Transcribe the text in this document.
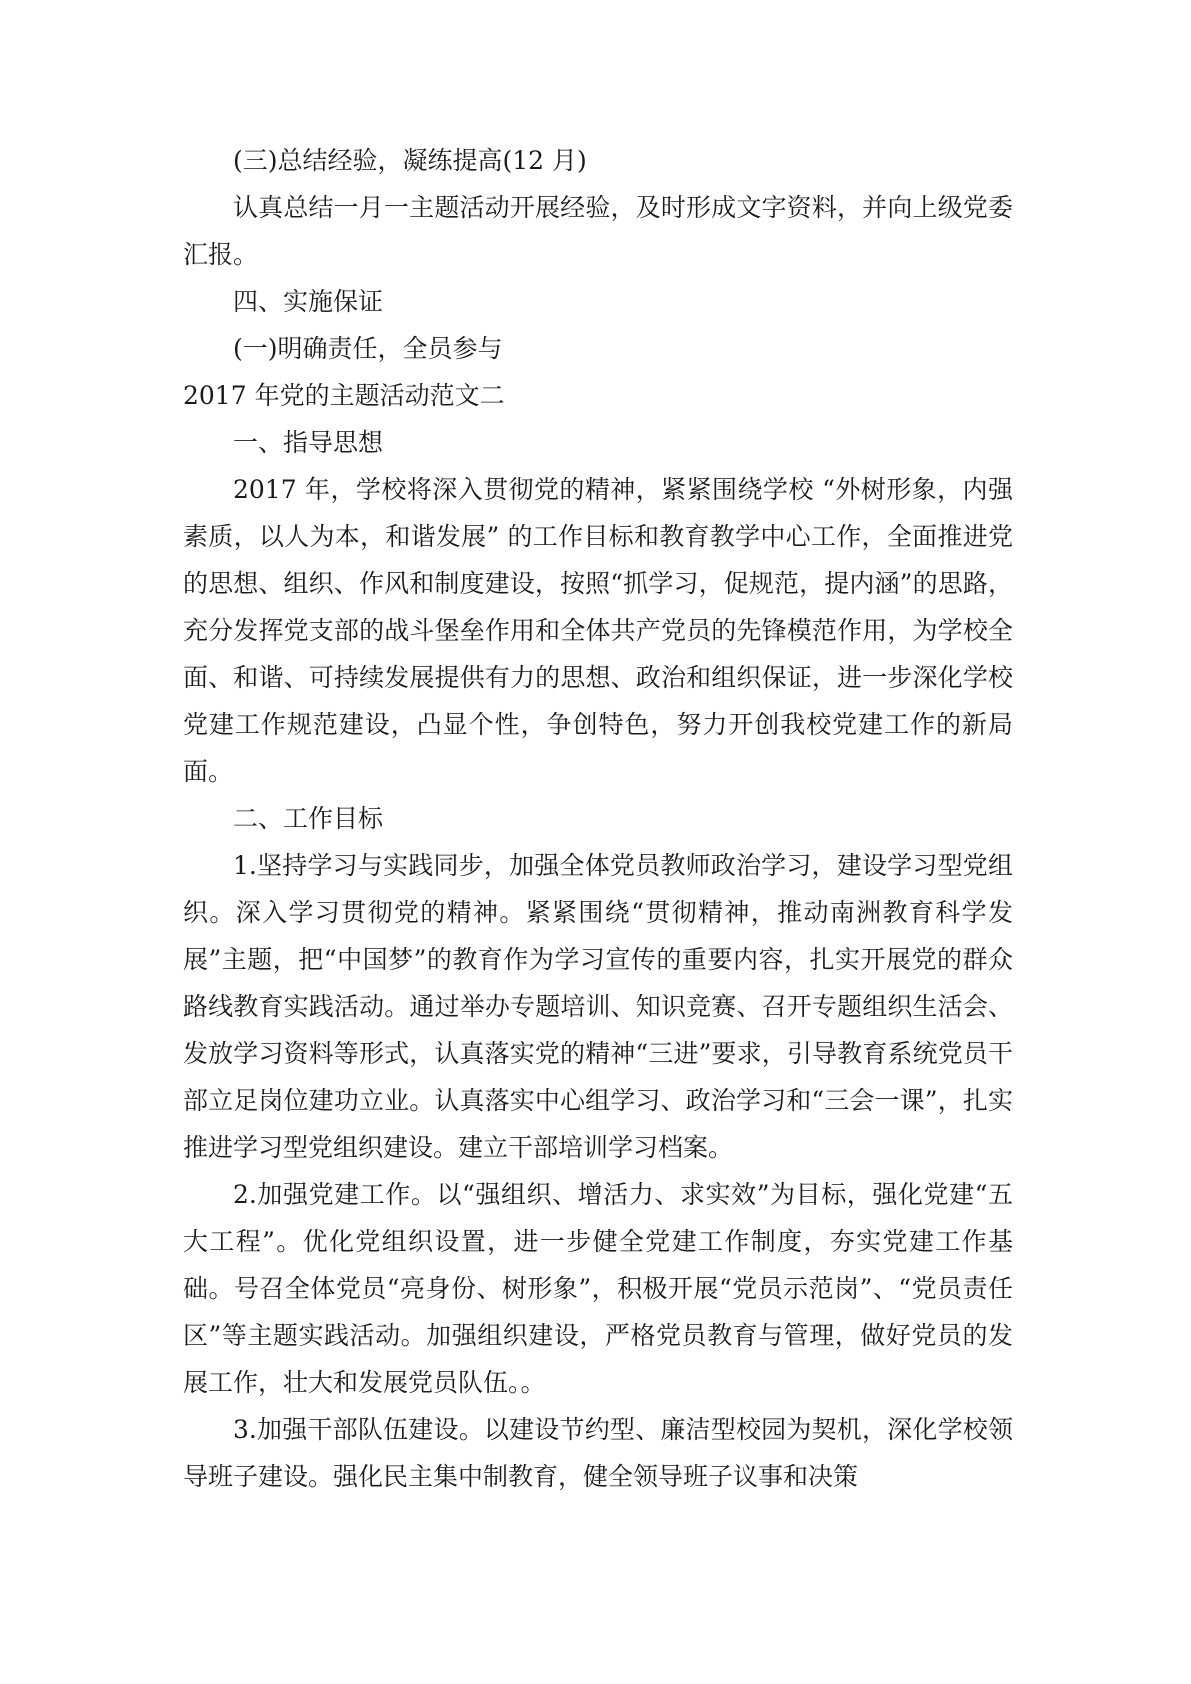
(三)总结经验，凝练提高(12 月)

认真总结一月一主题活动开展经验，及时形成文字资料，并向上级党委汇报。

四、实施保证

(一)明确责任，全员参与

2017 年党的主题活动范文二

一、指导思想

2017 年，学校将深入贯彻党的精神，紧紧围绕学校 “外树形象，内强素质，以人为本，和谐发展” 的工作目标和教育教学中心工作，全面推进党的思想、组织、作风和制度建设，按照“抓学习，促规范，提内涵”的思路，充分发挥党支部的战斗堡垒作用和全体共产党员的先锋模范作用，为学校全面、和谐、可持续发展提供有力的思想、政治和组织保证，进一步深化学校党建工作规范建设，凸显个性，争创特色，努力开创我校党建工作的新局面。

二、工作目标

1.坚持学习与实践同步，加强全体党员教师政治学习，建设学习型党组织。深入学习贯彻党的精神。紧紧围绕“贯彻精神，推动南洲教育科学发展”主题，把“中国梦”的教育作为学习宣传的重要内容，扎实开展党的群众路线教育实践活动。通过举办专题培训、知识竞赛、召开专题组织生活会、发放学习资料等形式，认真落实党的精神“三进”要求，引导教育系统党员干部立足岗位建功立业。认真落实中心组学习、政治学习和“三会一课”，扎实推进学习型党组织建设。建立干部培训学习档案。

2.加强党建工作。以“强组织、增活力、求实效”为目标，强化党建“五大工程”。优化党组织设置，进一步健全党建工作制度，夯实党建工作基础。号召全体党员“亮身份、树形象”，积极开展“党员示范岗”、“党员责任区”等主题实践活动。加强组织建设，严格党员教育与管理，做好党员的发展工作，壮大和发展党员队伍。。

3.加强干部队伍建设。以建设节约型、廉洁型校园为契机，深化学校领导班子建设。强化民主集中制教育，健全领导班子议事和决策
